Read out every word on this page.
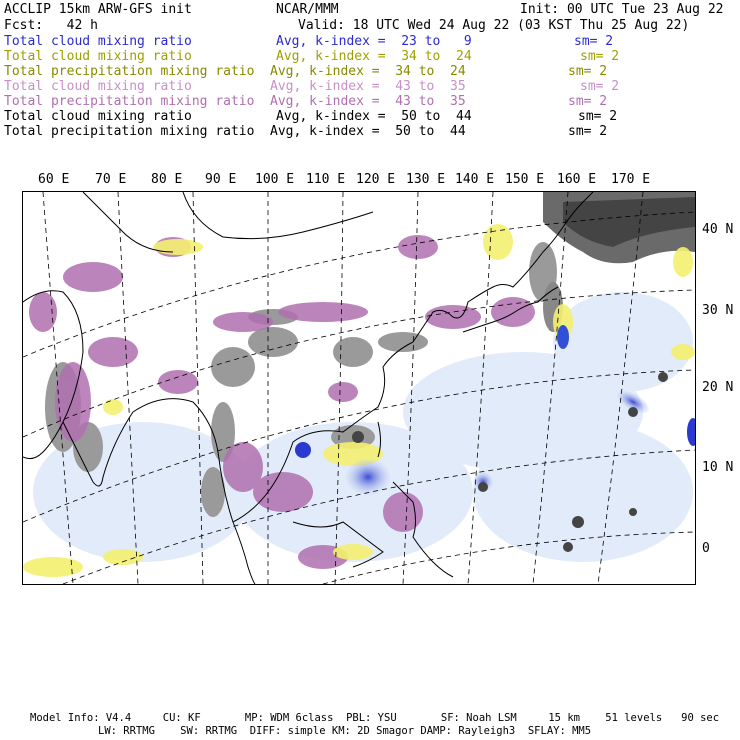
ACCLIP 15km ARW-GFS init	NCAR/MMM	Init: 00 UTC Tue 23 Aug 22
Fcst:   42 h	Valid: 18 UTC Wed 24 Aug 22 (03 KST Thu 25 Aug 22)
Total cloud mixing ratio	Avg, k-index =  23 to   9	sm= 2
Total cloud mixing ratio	Avg, k-index =  34 to  24	sm= 2
Total precipitation mixing ratio Avg, k-index =  34 to  24	sm= 2
Total cloud mixing ratio	Avg, k-index =  43 to  35	sm= 2
Total precipitation mixing ratio Avg, k-index =  43 to  35	sm= 2
Total cloud mixing ratio	Avg, k-index =  50 to  44	sm= 2
Total precipitation mixing ratio Avg, k-index =  50 to  44	sm= 2
60 E 70 E 80 E 90 E 100 E 110 E 120 E 130 E 140 E 150 E 160 E 170 E
40 N
30 N
20 N
10 N
0
Model Info: V4.4     CU: KF       MP: WDM 6class  PBL: YSU       SF: Noah LSM     15 km    51 levels   90 sec
LW: RRTMG    SW: RRTMG  DIFF: simple KM: 2D Smagor DAMP: Rayleigh3  SFLAY: MM5
